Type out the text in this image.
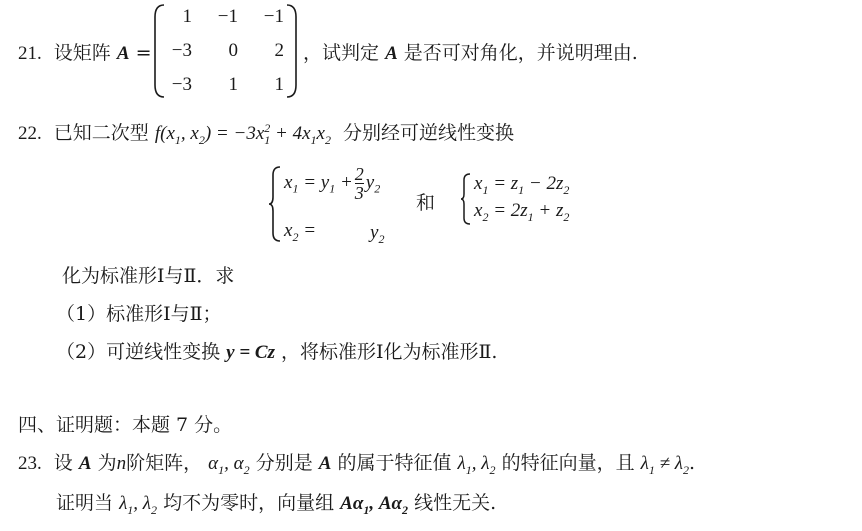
21. 设矩阵 A =
1	−1	−1
−3	0	2
−3	1	1
，试判定 A 是否可对角化，并说明理由.
22. 已知二次型 $f(x_1$, $x_2) = -3x_1^2 + 4x_1x_2$ 分别经可逆线性变换
$x_1 = y_1 + \frac{2}{3} y_2$
$x_2$ =	$y_2$
和
$x_1 = z_1 - 2z_2$
$x_2 = 2z_1 + z_2$
化为标准形Ⅰ与Ⅱ．求
（1）标准形Ⅰ与Ⅱ；
（2）可逆线性变换 y = Cz ，将标准形Ⅰ化为标准形Ⅱ.
四、证明题：本题 7 分。
23. 设 A 为n阶矩阵， $\alpha_1$, $\alpha_2$ 分别是 A 的属于特征值 $\lambda_1$, $\lambda_2$ 的特征向量，且 $\lambda_1 \ne \lambda_2$.
证明当 $\lambda_1$, $\lambda_2$ 均不为零时，向量组 $A\alpha_1$, $A\alpha_2$ 线性无关.
